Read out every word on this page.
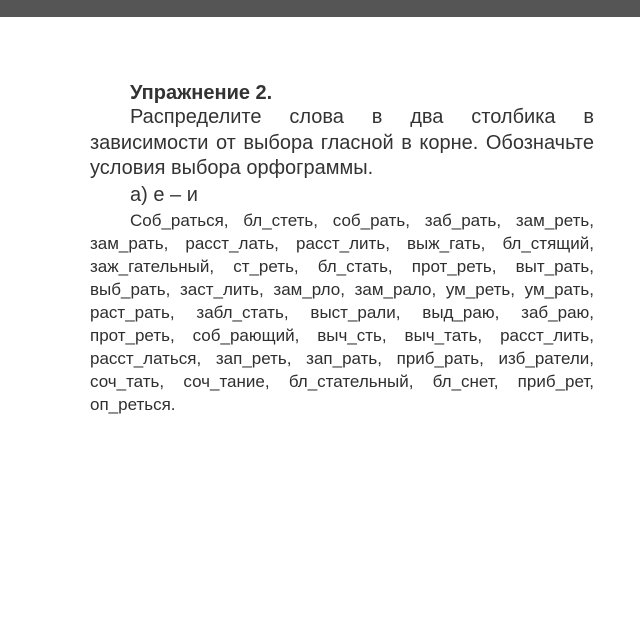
Упражнение 2.

Распределите слова в два столбика в зависимости от выбора гласной в корне. Обозначьте условия выбора орфограммы.

а) е – и

Соб_раться, бл_стеть, соб_рать, заб_рать, зам_реть, зам_рать, расст_лать, расст_лить, выж_гать, бл_стящий, заж_гательный, ст_реть, бл_стать, прот_реть, выт_рать, выб_рать, заст_лить, зам_рло, зам_рало, ум_реть, ум_рать, раст_рать, забл_стать, выст_рали, выд_раю, заб_раю, прот_реть, соб_рающий, выч_сть, выч_тать, расст_лить, расст_латься, зап_реть, зап_рать, приб_рать, изб_ратели, соч_тать, соч_тание, бл_стательный, бл_снет, приб_рет, оп_реться.
